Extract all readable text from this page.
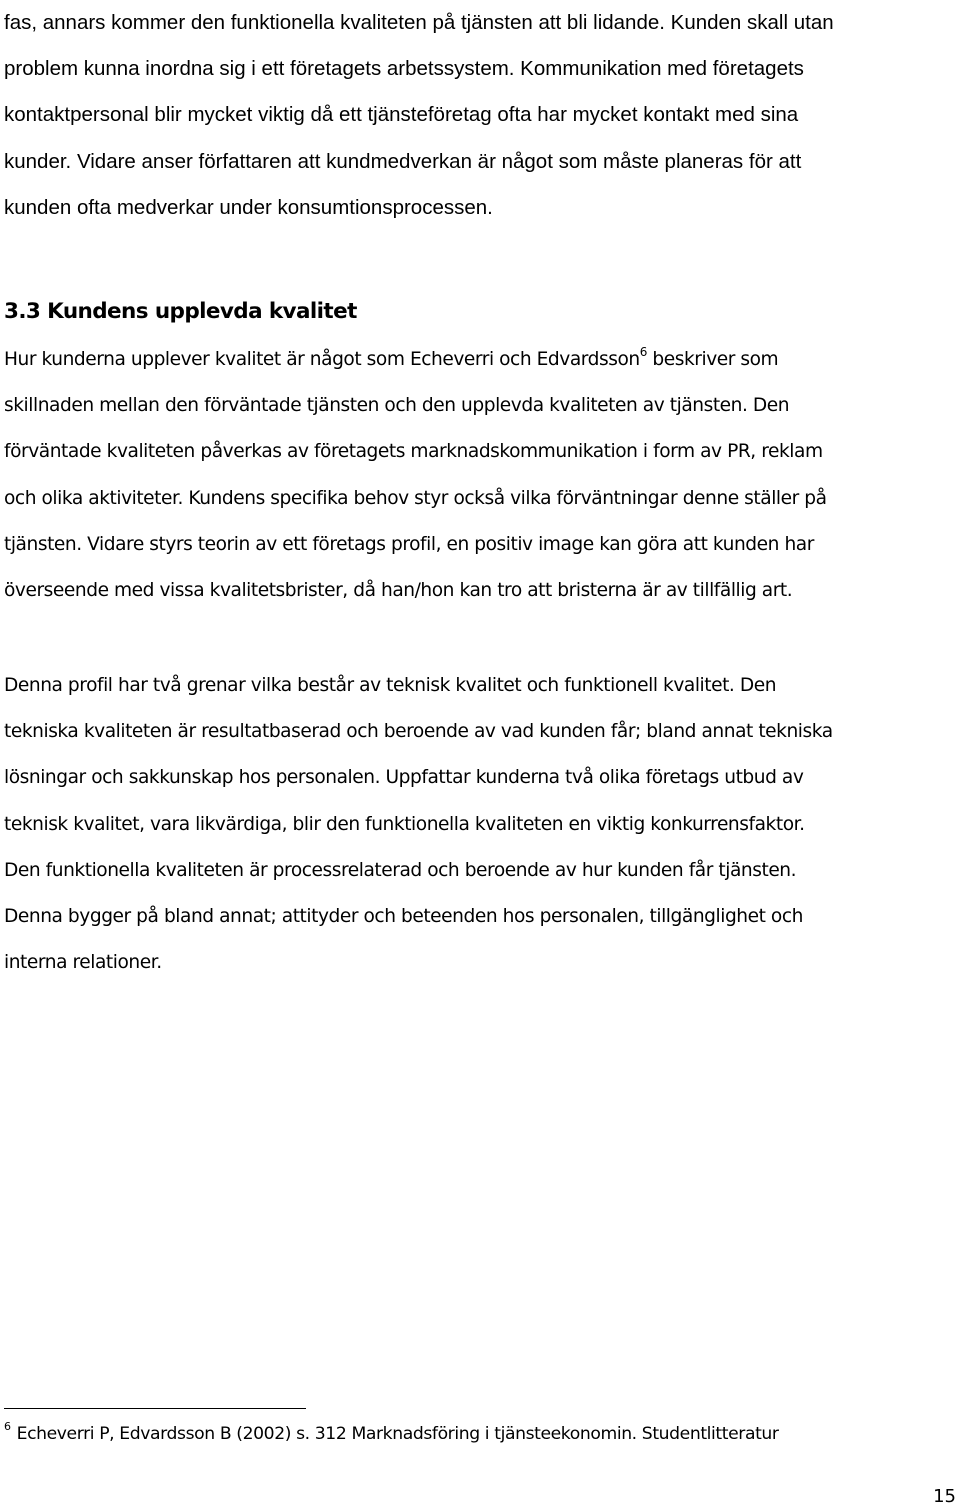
fas, annars kommer den funktionella kvaliteten på tjänsten att bli lidande. Kunden skall utan
problem kunna inordna sig i ett företagets arbetssystem. Kommunikation med företagets
kontaktpersonal blir mycket viktig då ett tjänsteföretag ofta har mycket kontakt med sina
kunder. Vidare anser författaren att kundmedverkan är något som måste planeras för att
kunden ofta medverkar under konsumtionsprocessen.
3.3 Kundens upplevda kvalitet
Hur kunderna upplever kvalitet är något som Echeverri och Edvardsson$^6$ beskriver som
skillnaden mellan den förväntade tjänsten och den upplevda kvaliteten av tjänsten. Den
förväntade kvaliteten påverkas av företagets marknadskommunikation i form av PR, reklam
och olika aktiviteter. Kundens specifika behov styr också vilka förväntningar denne ställer på
tjänsten. Vidare styrs teorin av ett företags profil, en positiv image kan göra att kunden har
överseende med vissa kvalitetsbrister, då han/hon kan tro att bristerna är av tillfällig art.
Denna profil har två grenar vilka består av teknisk kvalitet och funktionell kvalitet. Den
tekniska kvaliteten är resultatbaserad och beroende av vad kunden får; bland annat tekniska
lösningar och sakkunskap hos personalen. Uppfattar kunderna två olika företags utbud av
teknisk kvalitet, vara likvärdiga, blir den funktionella kvaliteten en viktig konkurrensfaktor.
Den funktionella kvaliteten är processrelaterad och beroende av hur kunden får tjänsten.
Denna bygger på bland annat; attityder och beteenden hos personalen, tillgänglighet och
interna relationer.
$^6$ Echeverri P, Edvardsson B (2002) s. 312 Marknadsföring i tjänsteekonomin. Studentlitteratur
15
